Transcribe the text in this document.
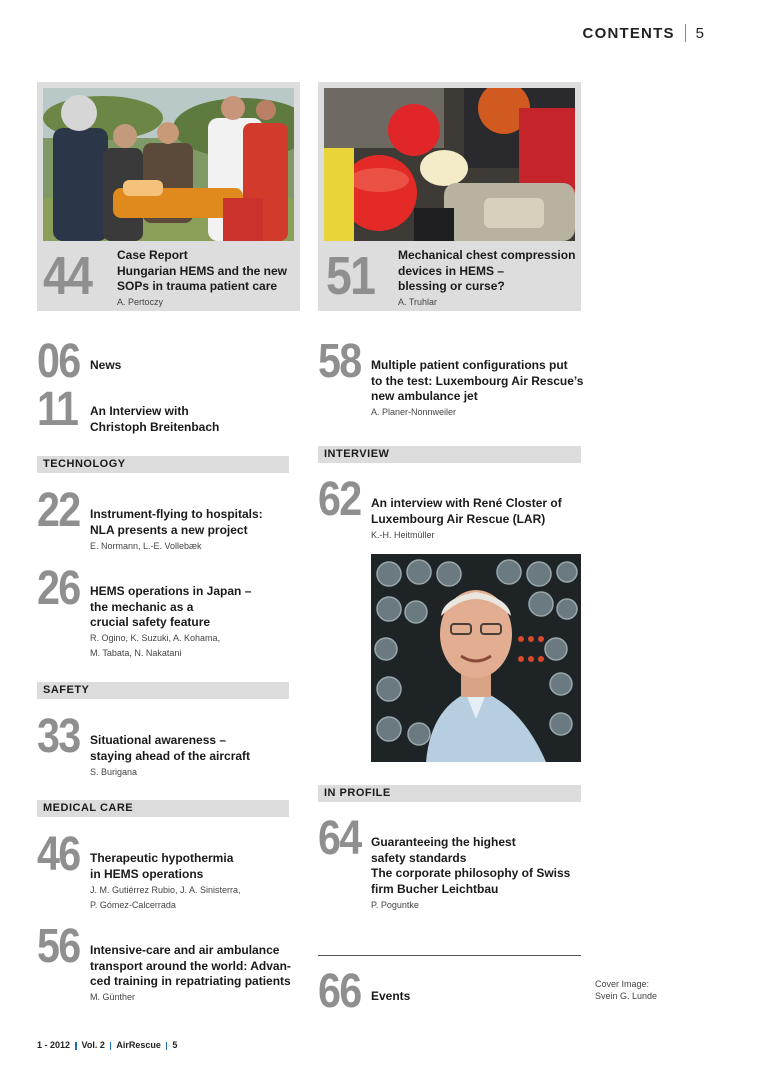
CONTENTS 5
44 Case Report
Hungarian HEMS and the new
SOPs in trauma patient care
A. Pertoczy	51 Mechanical chest compression
devices in HEMS –
blessing or curse?
A. Truhlar
06 News
11 An Interview with
Christoph Breitenbach
TECHNOLOGY
22 Instrument-flying to hospitals:
NLA presents a new project
E. Normann, L.-E. Vollebæk
26 HEMS operations in Japan –
the mechanic as a
crucial safety feature
R. Ogino, K. Suzuki, A. Kohama,
M. Tabata, N. Nakatani
SAFETY
33 Situational awareness –
staying ahead of the aircraft
S. Burigana
MEDICAL CARE
46 Therapeutic hypothermia
in HEMS operations
J. M. Gutiérrez Rubio, J. A. Sinisterra,
P. Gómez-Calcerrada
56 Intensive-care and air ambulance
transport around the world: Advan-
ced training in repatriating patients
M. Günther
58 Multiple patient configurations put
to the test: Luxembourg Air Rescue’s
new ambulance jet
A. Planer-Nonnweiler
INTERVIEW
62 An interview with René Closter of
Luxembourg Air Rescue (LAR)
K.-H. Heitmüller
IN PROFILE
64 Guaranteeing the highest
safety standards
The corporate philosophy of Swiss
firm Bucher Leichtbau
P. Poguntke
66 Events
Cover Image:
Svein G. Lunde
1 - 2012 Vol. 2 AirRescue 5
